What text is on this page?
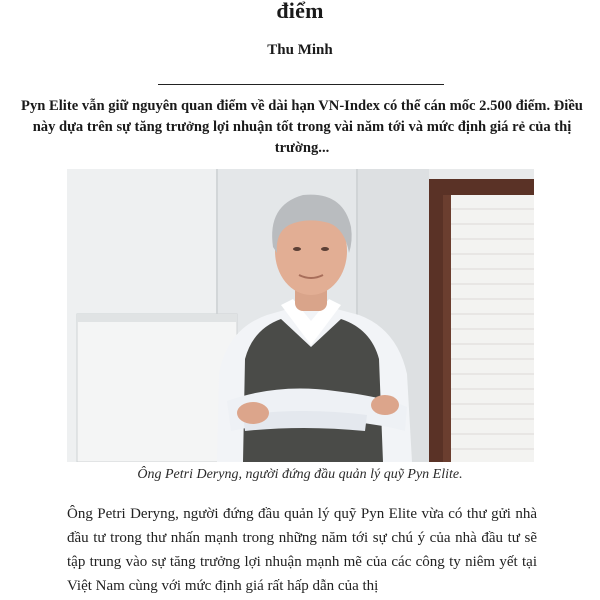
điểm
Thu Minh
Pyn Elite vẫn giữ nguyên quan điểm về dài hạn VN-Index có thể cán mốc 2.500 điểm. Điều này dựa trên sự tăng trưởng lợi nhuận tốt trong vài năm tới và mức định giá rẻ của thị trường...
Ông Petri Deryng, người đứng đầu quản lý quỹ Pyn Elite.
Ông Petri Deryng, người đứng đầu quản lý quỹ Pyn Elite vừa có thư gửi nhà đầu tư trong thư nhấn mạnh trong những năm tới sự chú ý của nhà đầu tư sẽ tập trung vào sự tăng trưởng lợi nhuận mạnh mẽ của các công ty niêm yết tại Việt Nam cùng với mức định giá rất hấp dẫn của thị
